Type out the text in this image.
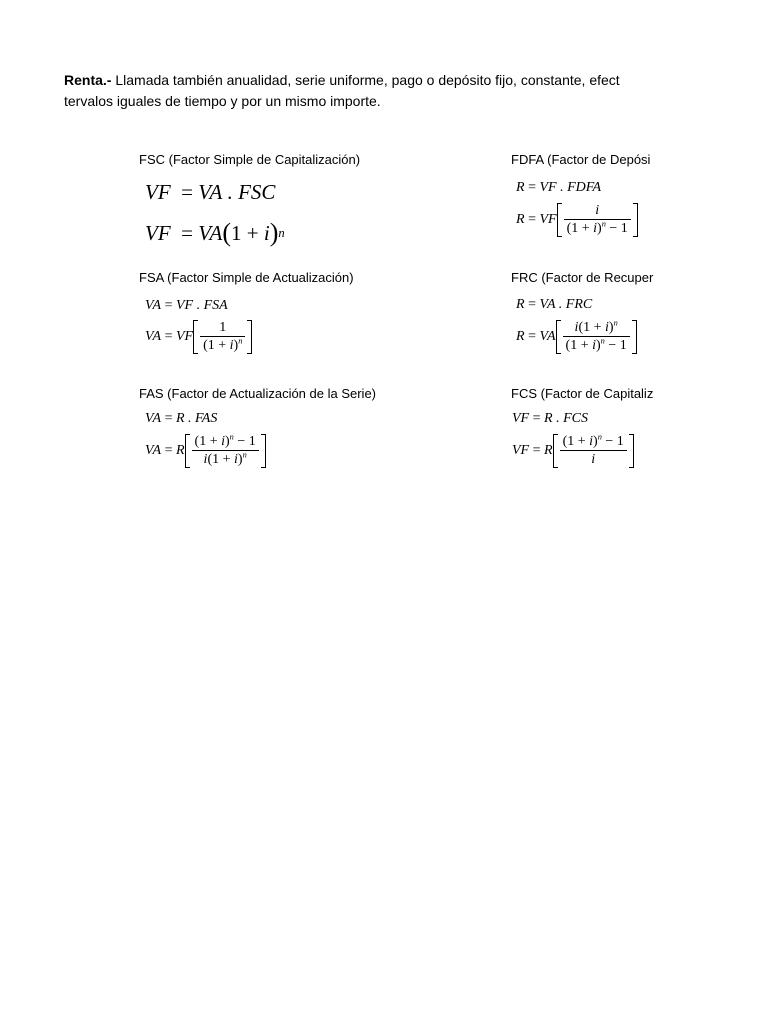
Renta.- Llamada también anualidad, serie uniforme, pago o depósito fijo, constante, efect
tervalos iguales de tiempo y por un mismo importe.
FSC (Factor Simple de Capitalización)
VF = VA . FSC
VF = VA ( 1 + i ) n
FSA (Factor Simple de Actualización)
VA = VF . FSA
VA = VF $\frac{1}{(1 + i)^n}$
FAS (Factor de Actualización de la Serie)
VA = R . FAS
VA = R $\frac{(1 + i)^n - 1}{i(1 + i)^n}$
FDFA (Factor de Depósi
R = VF . FDFA
R = VF $\frac{i}{(1 + i)^n - 1}$
FRC (Factor de Recuper
R = VA . FRC
R = VA $\frac{i(1 + i)^n}{(1 + i)^n - 1}$
FCS (Factor de Capitaliz
VF = R . FCS
VF = R $\frac{(1 + i)^n - 1}{i}$
